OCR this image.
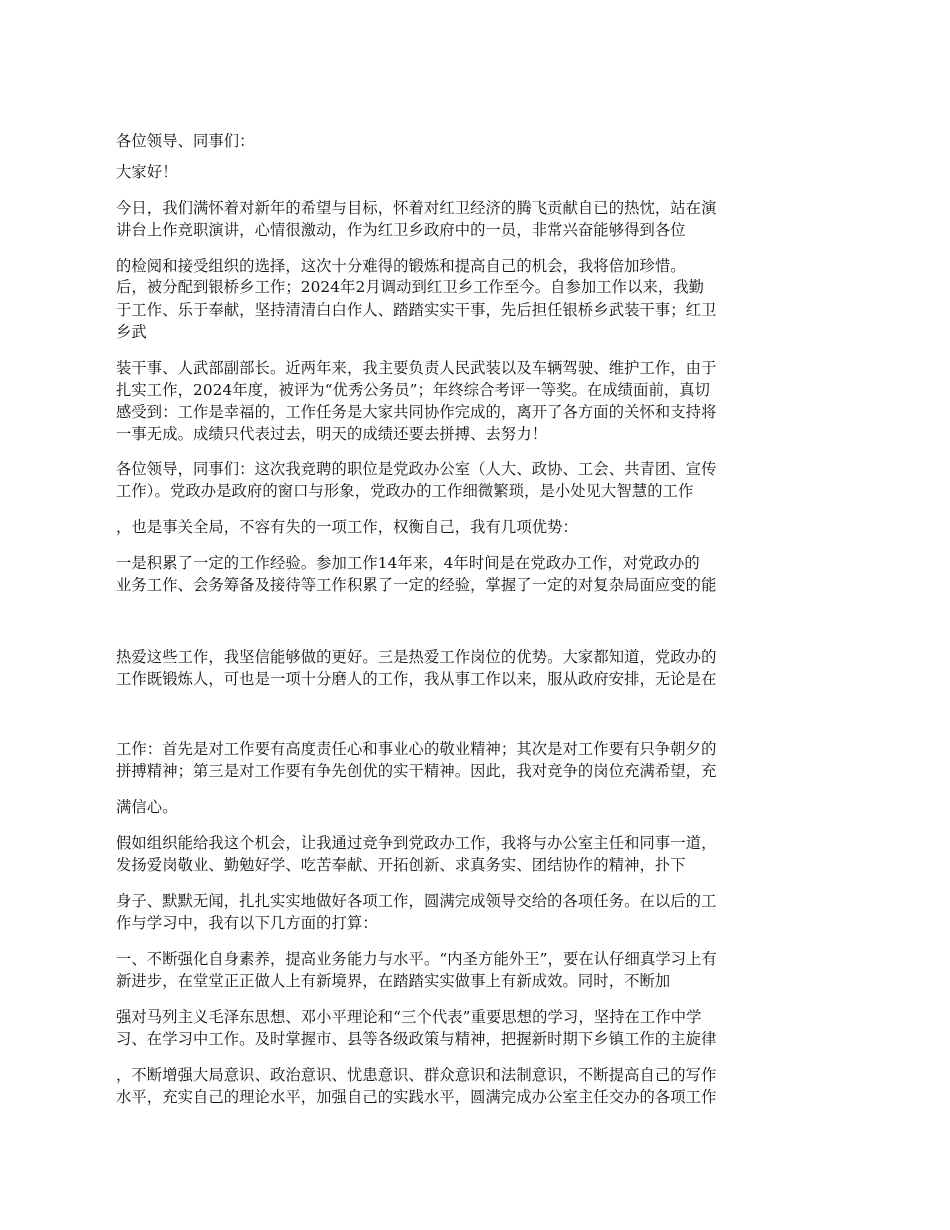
各位领导、同事们：
大家好！
今日，我们满怀着对新年的希望与目标，怀着对红卫经济的腾飞贡献自已的热忱，站在演
讲台上作竞职演讲，心情很激动，作为红卫乡政府中的一员，非常兴奋能够得到各位
的检阅和接受组织的选择，这次十分难得的锻炼和提高自己的机会，我将倍加珍惜。
后，被分配到银桥乡工作；2024年2月调动到红卫乡工作至今。自参加工作以来，我勤
于工作、乐于奉献，坚持清清白白作人、踏踏实实干事，先后担任银桥乡武装干事；红卫
乡武
装干事、人武部副部长。近两年来，我主要负责人民武装以及车辆驾驶、维护工作，由于
扎实工作，2024年度，被评为“优秀公务员”；年终综合考评一等奖。在成绩面前，真切
感受到：工作是幸福的，工作任务是大家共同协作完成的，离开了各方面的关怀和支持将
一事无成。成绩只代表过去，明天的成绩还要去拼搏、去努力！
各位领导，同事们：这次我竞聘的职位是党政办公室（人大、政协、工会、共青团、宣传
工作）。党政办是政府的窗口与形象，党政办的工作细微繁琐，是小处见大智慧的工作
，也是事关全局，不容有失的一项工作，权衡自己，我有几项优势：
一是积累了一定的工作经验。参加工作14年来，4年时间是在党政办工作，对党政办的
业务工作、会务筹备及接待等工作积累了一定的经验，掌握了一定的对复杂局面应变的能
热爱这些工作，我坚信能够做的更好。三是热爱工作岗位的优势。大家都知道，党政办的
工作既锻炼人，可也是一项十分磨人的工作，我从事工作以来，服从政府安排，无论是在
工作：首先是对工作要有高度责任心和事业心的敬业精神；其次是对工作要有只争朝夕的
拼搏精神；第三是对工作要有争先创优的实干精神。因此，我对竞争的岗位充满希望，充
满信心。
假如组织能给我这个机会，让我通过竞争到党政办工作，我将与办公室主任和同事一道，
发扬爱岗敬业、勤勉好学、吃苦奉献、开拓创新、求真务实、团结协作的精神，扑下
身子、默默无闻，扎扎实实地做好各项工作，圆满完成领导交给的各项任务。在以后的工
作与学习中，我有以下几方面的打算：
一、不断强化自身素养，提高业务能力与水平。“内圣方能外王”，要在认仔细真学习上有
新进步，在堂堂正正做人上有新境界，在踏踏实实做事上有新成效。同时，不断加
强对马列主义毛泽东思想、邓小平理论和“三个代表”重要思想的学习，坚持在工作中学
习、在学习中工作。及时掌握市、县等各级政策与精神，把握新时期下乡镇工作的主旋律
，不断增强大局意识、政治意识、忧患意识、群众意识和法制意识，不断提高自己的写作
水平，充实自己的理论水平，加强自己的实践水平，圆满完成办公室主任交办的各项工作
